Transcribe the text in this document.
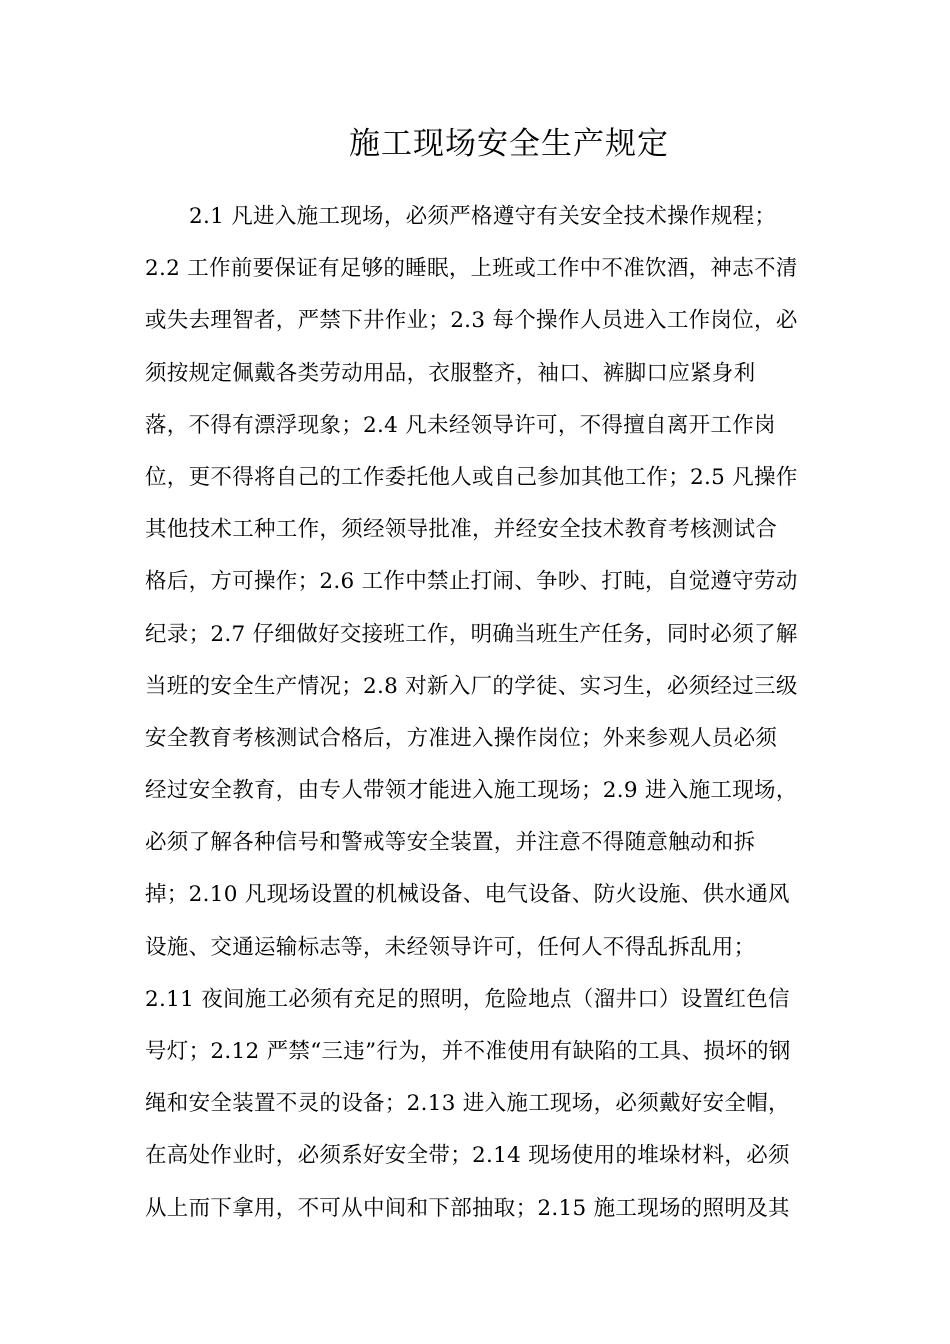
施工现场安全生产规定
2.1 凡进入施工现场，必须严格遵守有关安全技术操作规程；
2.2 工作前要保证有足够的睡眠，上班或工作中不准饮酒，神志不清
或失去理智者，严禁下井作业；2.3 每个操作人员进入工作岗位，必
须按规定佩戴各类劳动用品，衣服整齐，袖口、裤脚口应紧身利
落，不得有漂浮现象；2.4 凡未经领导许可，不得擅自离开工作岗
位，更不得将自己的工作委托他人或自己参加其他工作；2.5 凡操作
其他技术工种工作，须经领导批准，并经安全技术教育考核测试合
格后，方可操作；2.6 工作中禁止打闹、争吵、打盹，自觉遵守劳动
纪录；2.7 仔细做好交接班工作，明确当班生产任务，同时必须了解
当班的安全生产情况；2.8 对新入厂的学徒、实习生，必须经过三级
安全教育考核测试合格后，方准进入操作岗位；外来参观人员必须
经过安全教育，由专人带领才能进入施工现场；2.9 进入施工现场，
必须了解各种信号和警戒等安全装置，并注意不得随意触动和拆
掉；2.10 凡现场设置的机械设备、电气设备、防火设施、供水通风
设施、交通运输标志等，未经领导许可，任何人不得乱拆乱用；
2.11 夜间施工必须有充足的照明，危险地点（溜井口）设置红色信
号灯；2.12 严禁“三违”行为，并不准使用有缺陷的工具、损坏的钢
绳和安全装置不灵的设备；2.13 进入施工现场，必须戴好安全帽，
在高处作业时，必须系好安全带；2.14 现场使用的堆垛材料，必须
从上而下拿用，不可从中间和下部抽取；2.15 施工现场的照明及其
